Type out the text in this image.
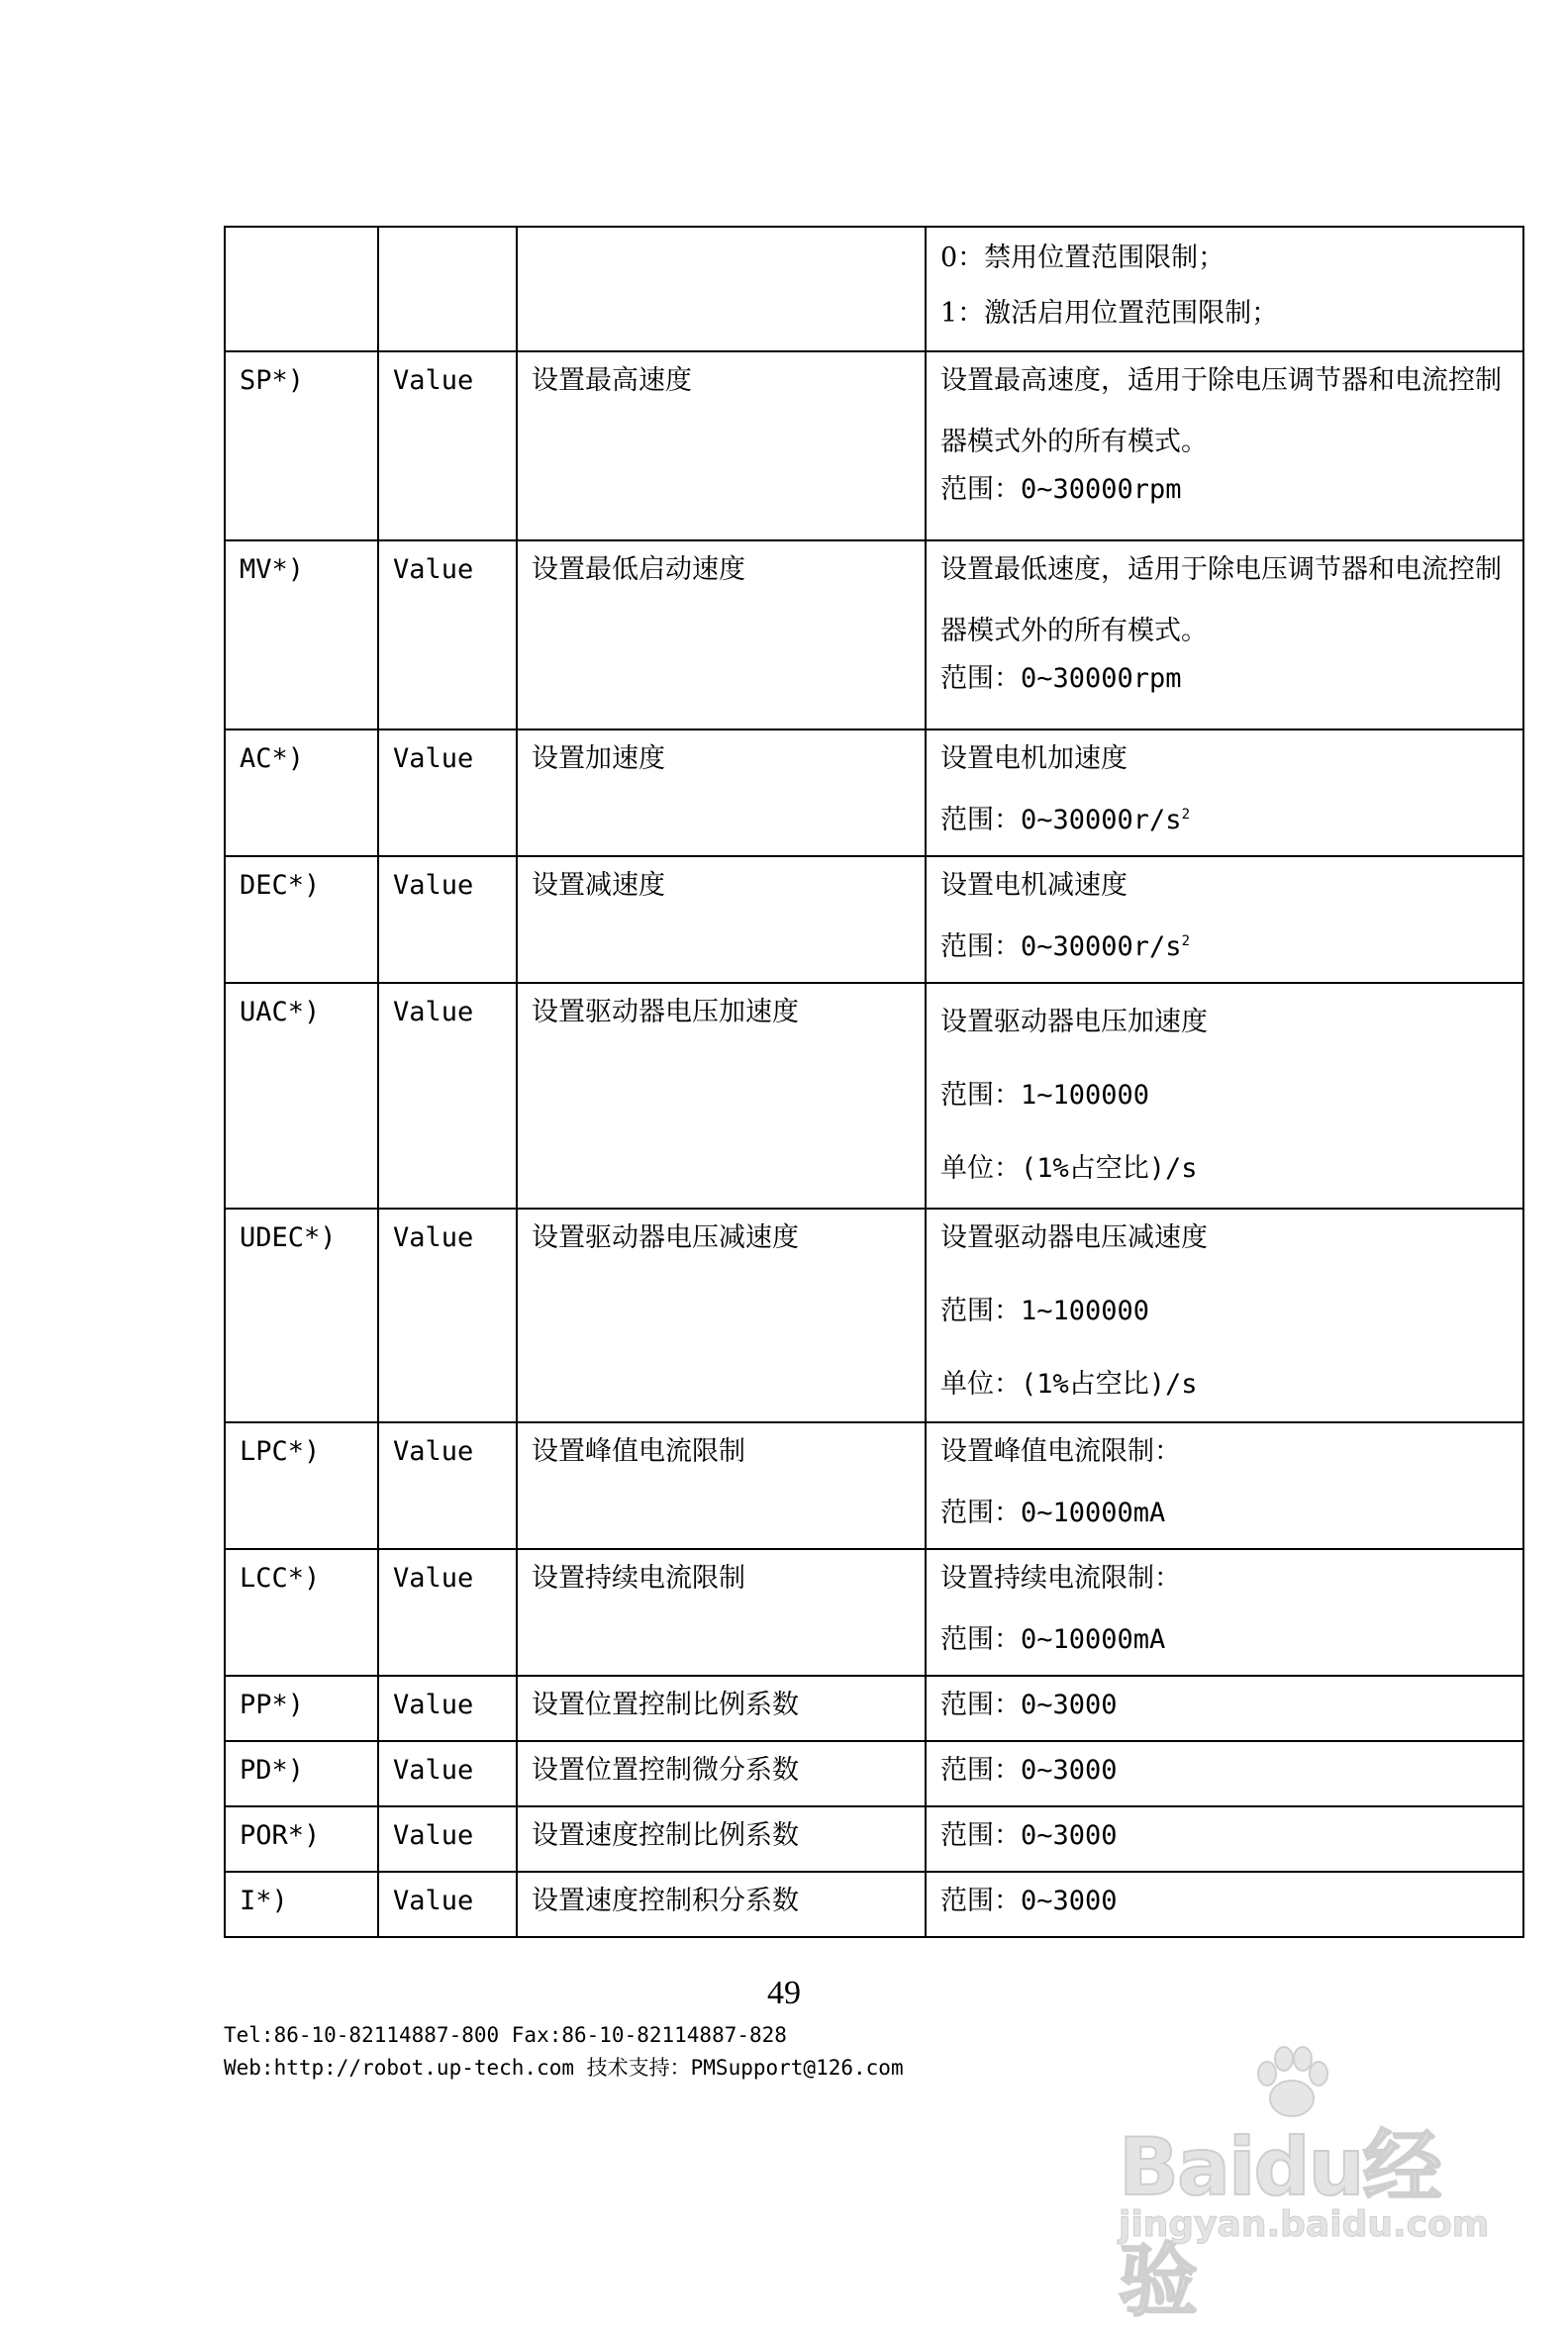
			0：禁用位置范围限制；
1：激活启用位置范围限制；

SP*)	Value	设置最高速度	设置最高速度，适用于除电压调节器和电流控制器模式外的所有模式。
范围：0~30000rpm

MV*)	Value	设置最低启动速度	设置最低速度，适用于除电压调节器和电流控制器模式外的所有模式。
范围：0~30000rpm

AC*)	Value	设置加速度	设置电机加速度
范围：$0\sim 30000r/s^2$

DEC*)	Value	设置减速度	设置电机减速度
范围：$0\sim 30000r/s^2$

UAC*)	Value	设置驱动器电压加速度	设置驱动器电压加速度
范围：1~100000
单位：(1%占空比)/s

UDEC*)	Value	设置驱动器电压减速度	设置驱动器电压减速度
范围：1~100000
单位：(1%占空比)/s

LPC*)	Value	设置峰值电流限制	设置峰值电流限制：
范围：0~10000mA

LCC*)	Value	设置持续电流限制	设置持续电流限制：
范围：0~10000mA

PP*)	Value	设置位置控制比例系数	范围：0~3000

PD*)	Value	设置位置控制微分系数	范围：0~3000

POR*)	Value	设置速度控制比例系数	范围：0~3000

I*)	Value	设置速度控制积分系数	范围：0~3000
49
Tel:86-10-82114887-800 Fax:86-10-82114887-828
Web:http://robot.up-tech.com 技术支持：PMSupport@126.com
Baidu经验
jingyan.baidu.com
